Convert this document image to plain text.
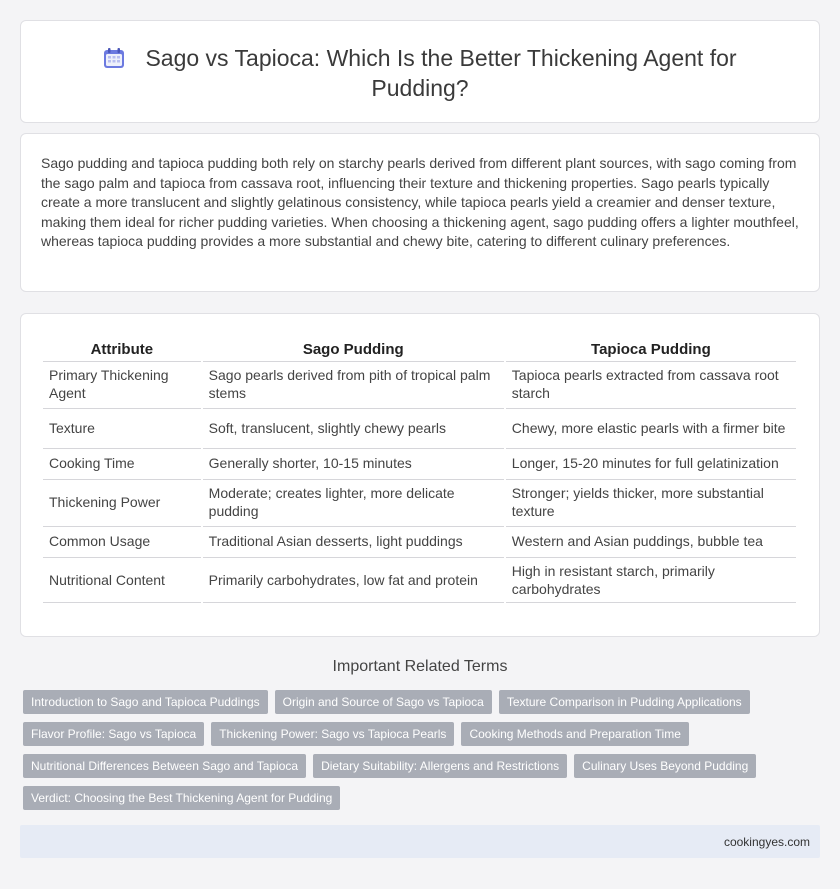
Sago vs Tapioca: Which Is the Better Thickening Agent for Pudding?

Sago pudding and tapioca pudding both rely on starchy pearls derived from different plant sources, with sago coming from the sago palm and tapioca from cassava root, influencing their texture and thickening properties. Sago pearls typically create a more translucent and slightly gelatinous consistency, while tapioca pearls yield a creamier and denser texture, making them ideal for richer pudding varieties. When choosing a thickening agent, sago pudding offers a lighter mouthfeel, whereas tapioca pudding provides a more substantial and chewy bite, catering to different culinary preferences.

Attribute	Sago Pudding	Tapioca Pudding
Primary Thickening Agent	Sago pearls derived from pith of tropical palm stems	Tapioca pearls extracted from cassava root starch
Texture	Soft, translucent, slightly chewy pearls	Chewy, more elastic pearls with a firmer bite
Cooking Time	Generally shorter, 10-15 minutes	Longer, 15-20 minutes for full gelatinization
Thickening Power	Moderate; creates lighter, more delicate pudding	Stronger; yields thicker, more substantial texture
Common Usage	Traditional Asian desserts, light puddings	Western and Asian puddings, bubble tea
Nutritional Content	Primarily carbohydrates, low fat and protein	High in resistant starch, primarily carbohydrates
Important Related Terms
Introduction to Sago and Tapioca Puddings	Origin and Source of Sago vs Tapioca	Texture Comparison in Pudding Applications
Flavor Profile: Sago vs Tapioca	Thickening Power: Sago vs Tapioca Pearls	Cooking Methods and Preparation Time
Nutritional Differences Between Sago and Tapioca	Dietary Suitability: Allergens and Restrictions	Culinary Uses Beyond Pudding
Verdict: Choosing the Best Thickening Agent for Pudding
cookingyes.com
